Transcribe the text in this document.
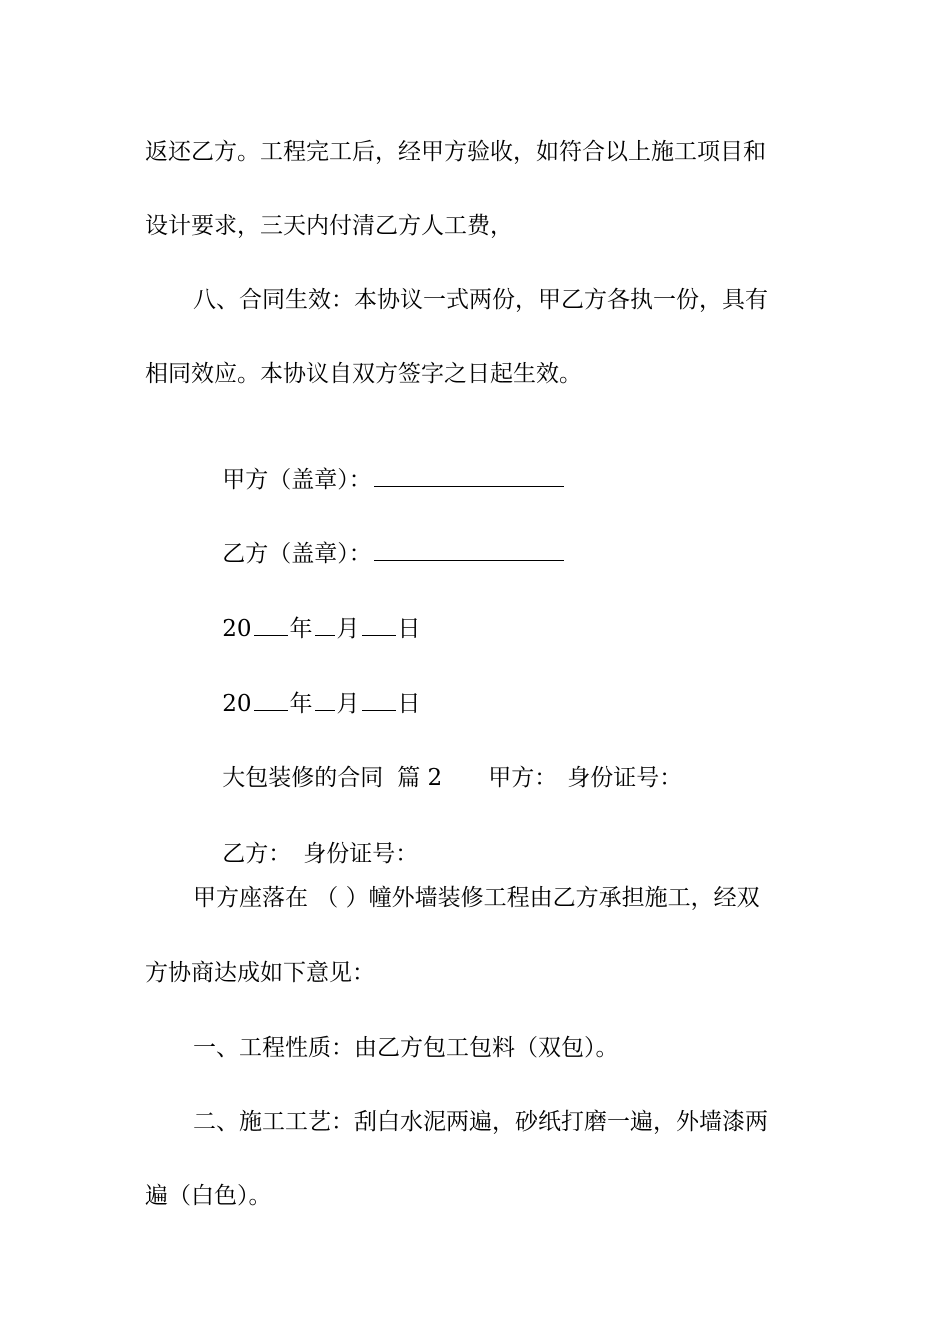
返还乙方。工程完工后，经甲方验收，如符合以上施工项目和
设计要求，三天内付清乙方人工费，
八、合同生效：本协议一式两份，甲乙方各执一份，具有
相同效应。本协议自双方签字之日起生效。

甲方（盖章）：

乙方（盖章）：

20 年 月 日

20 年 月 日

大包装修的合同 篇 2 甲方： 身份证号：

乙方： 身份证号：

甲方座落在 （ ）幢外墙装修工程由乙方承担施工，经双
方协商达成如下意见：
一、工程性质：由乙方包工包料（双包）。
二、施工工艺：刮白水泥两遍，砂纸打磨一遍，外墙漆两
遍（白色）。
